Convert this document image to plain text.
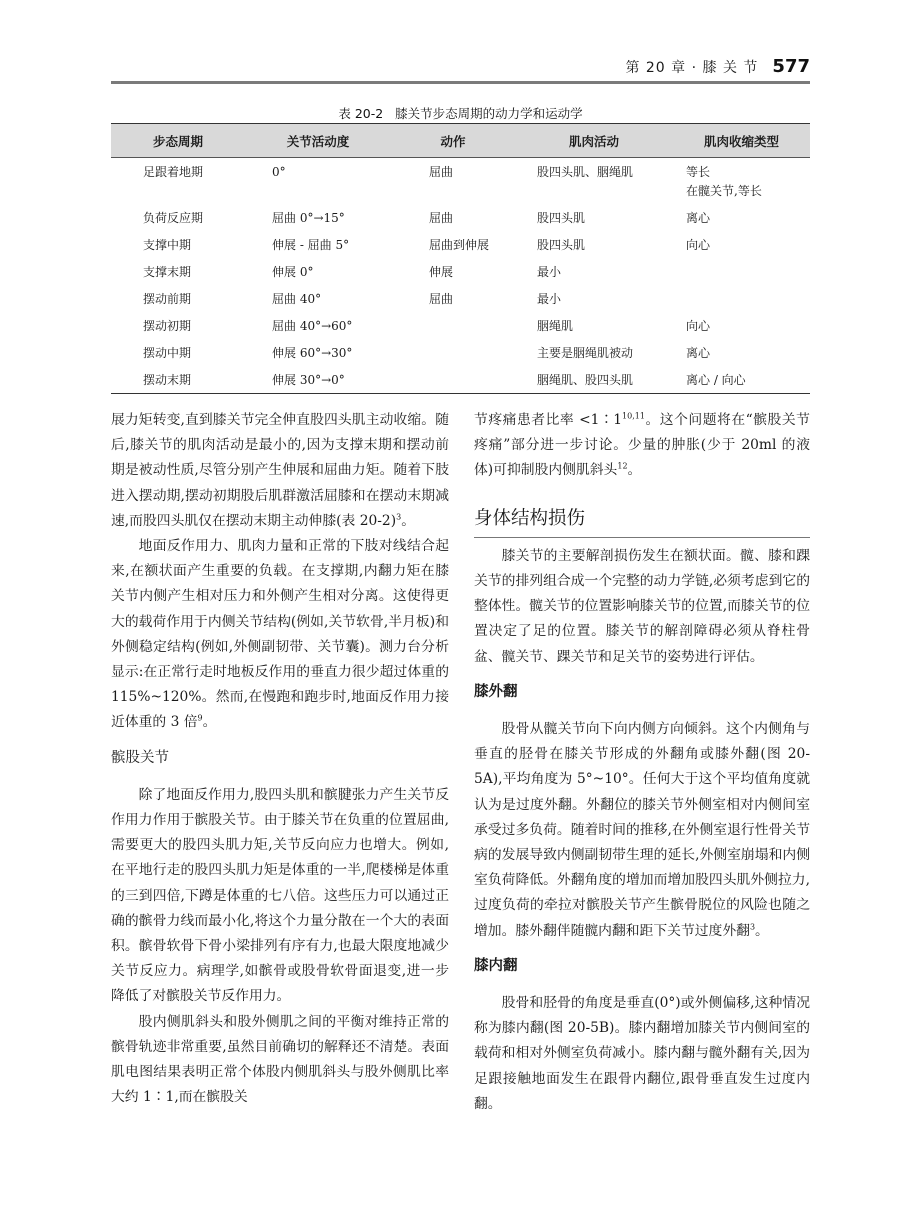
第 20 章 · 膝 关 节 577
表 20-2   膝关节步态周期的动力学和运动学
步态周期	关节活动度	动作	肌肉活动	肌肉收缩类型
足跟着地期	0°	屈曲	股四头肌、胭绳肌	等长
在髋关节,等长
负荷反应期	屈曲 0°→15°	屈曲	股四头肌	离心
支撑中期	伸展 - 屈曲 5°	屈曲到伸展	股四头肌	向心
支撑末期	伸展 0°	伸展	最小	
摆动前期	屈曲 40°	屈曲	最小	
摆动初期	屈曲 40°→60°		胭绳肌	向心
摆动中期	伸展 60°→30°		主要是胭绳肌被动	离心
摆动末期	伸展 30°→0°		胭绳肌、股四头肌	离心 / 向心

展力矩转变,直到膝关节完全伸直股四头肌主动收缩。随后,膝关节的肌肉活动是最小的,因为支撑末期和摆动前期是被动性质,尽管分别产生伸展和屈曲力矩。随着下肢进入摆动期,摆动初期股后肌群激活屈膝和在摆动末期减速,而股四头肌仅在摆动末期主动伸膝(表 20-2)$^3$。

地面反作用力、肌肉力量和正常的下肢对线结合起来,在额状面产生重要的负载。在支撑期,内翻力矩在膝关节内侧产生相对压力和外侧产生相对分离。这使得更大的载荷作用于内侧关节结构(例如,关节软骨,半月板)和外侧稳定结构(例如,外侧副韧带、关节囊)。测力台分析显示:在正常行走时地板反作用的垂直力很少超过体重的115%~120%。然而,在慢跑和跑步时,地面反作用力接近体重的 3 倍$^9$。

髌股关节

除了地面反作用力,股四头肌和髌腱张力产生关节反作用力作用于髌股关节。由于膝关节在负重的位置屈曲,需要更大的股四头肌力矩,关节反向应力也增大。例如,在平地行走的股四头肌力矩是体重的一半,爬楼梯是体重的三到四倍,下蹲是体重的七八倍。这些压力可以通过正确的髌骨力线而最小化,将这个力量分散在一个大的表面积。髌骨软骨下骨小梁排列有序有力,也最大限度地减少关节反应力。病理学,如髌骨或股骨软骨面退变,进一步降低了对髌股关节反作用力。

股内侧肌斜头和股外侧肌之间的平衡对维持正常的髌骨轨迹非常重要,虽然目前确切的解释还不清楚。表面肌电图结果表明正常个体股内侧肌斜头与股外侧肌比率大约 1∶1,而在髌股关

节疼痛患者比率 $<1∶1^{10,11}$。这个问题将在“髌股关节疼痛”部分进一步讨论。少量的肿胀(少于 20ml 的液体)可抑制股内侧肌斜头$^{12}$。

身体结构损伤

膝关节的主要解剖损伤发生在额状面。髋、膝和踝关节的排列组合成一个完整的动力学链,必须考虑到它的整体性。髋关节的位置影响膝关节的位置,而膝关节的位置决定了足的位置。膝关节的解剖障碍必须从脊柱骨盆、髋关节、踝关节和足关节的姿势进行评估。

膝外翻

股骨从髋关节向下向内侧方向倾斜。这个内侧角与垂直的胫骨在膝关节形成的外翻角或膝外翻(图 20-5A),平均角度为 5°~10°。任何大于这个平均值角度就认为是过度外翻。外翻位的膝关节外侧室相对内侧间室承受过多负荷。随着时间的推移,在外侧室退行性骨关节病的发展导致内侧副韧带生理的延长,外侧室崩塌和内侧室负荷降低。外翻角度的增加而增加股四头肌外侧拉力,过度负荷的牵拉对髌股关节产生髌骨脱位的风险也随之增加。膝外翻伴随髋内翻和距下关节过度外翻$^3$。

膝内翻

股骨和胫骨的角度是垂直(0°)或外侧偏移,这种情况称为膝内翻(图 20-5B)。膝内翻增加膝关节内侧间室的载荷和相对外侧室负荷减小。膝内翻与髋外翻有关,因为足跟接触地面发生在跟骨内翻位,跟骨垂直发生过度内翻。
